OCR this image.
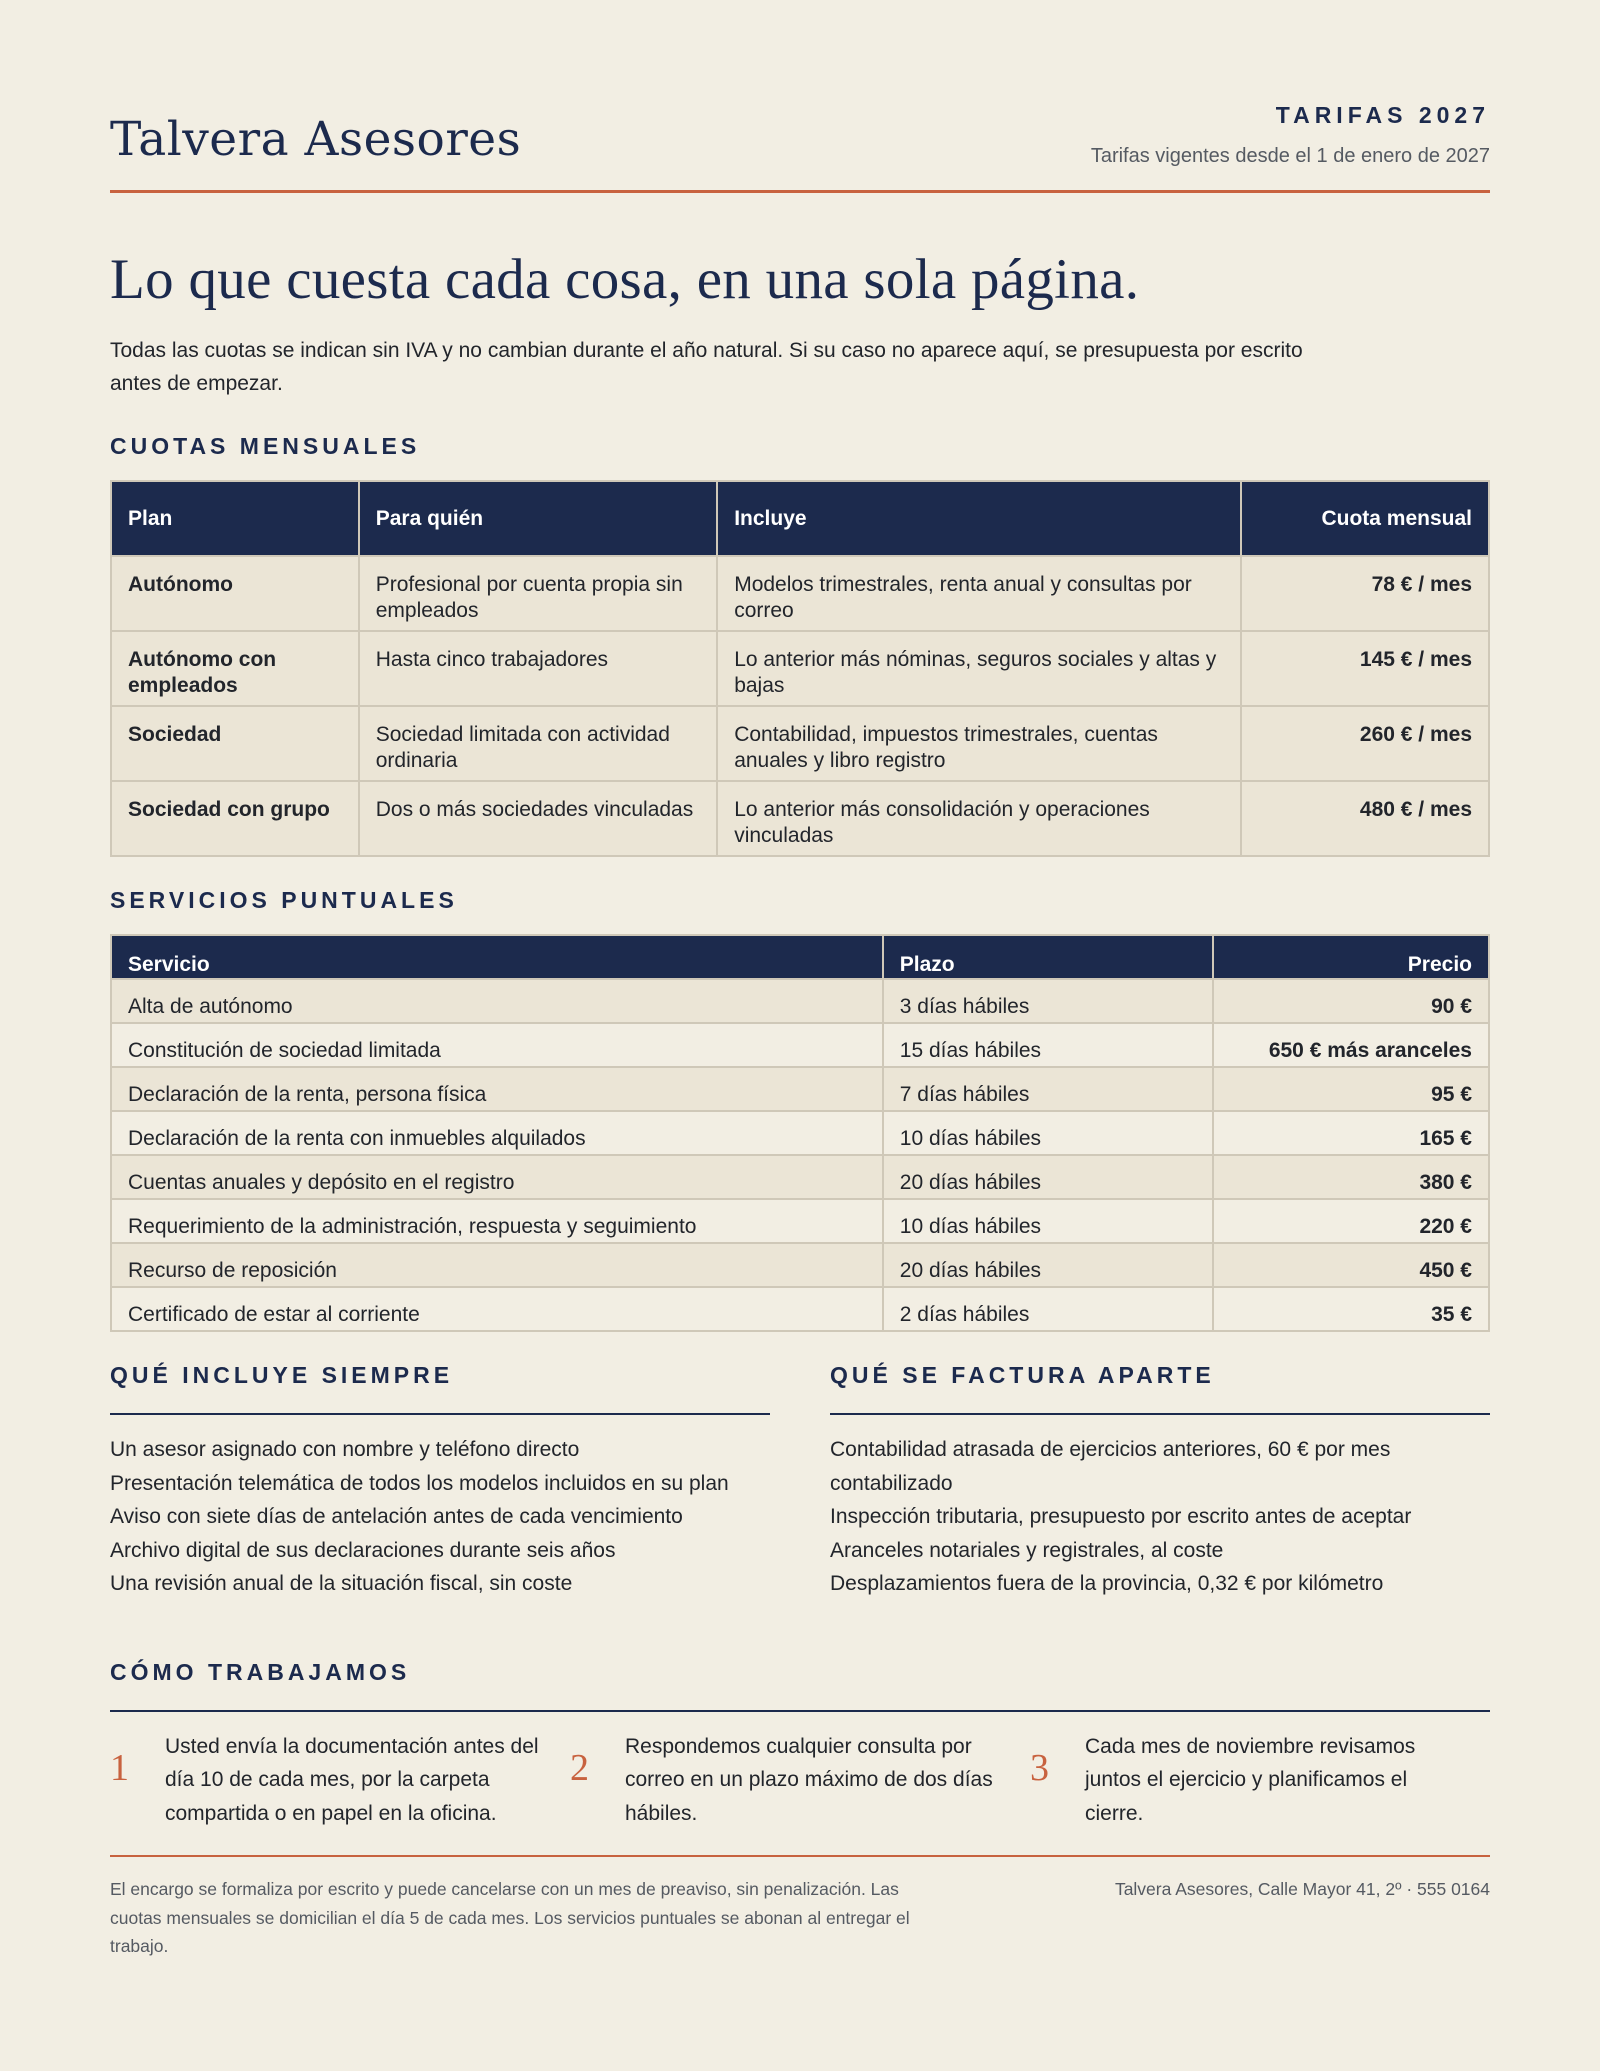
Talvera Asesores	TARIFAS 2027
Tarifas vigentes desde el 1 de enero de 2027
Lo que cuesta cada cosa, en una sola página.
Todas las cuotas se indican sin IVA y no cambian durante el año natural. Si su caso no aparece aquí, se presupuesta por escrito antes de empezar.
CUOTAS MENSUALES
Plan	Para quién	Incluye	Cuota mensual
Autónomo	Profesional por cuenta propia sin empleados	Modelos trimestrales, renta anual y consultas por correo	78 € / mes
Autónomo con empleados	Hasta cinco trabajadores	Lo anterior más nóminas, seguros sociales y altas y bajas	145 € / mes
Sociedad	Sociedad limitada con actividad ordinaria	Contabilidad, impuestos trimestrales, cuentas anuales y libro registro	260 € / mes
Sociedad con grupo	Dos o más sociedades vinculadas	Lo anterior más consolidación y operaciones vinculadas	480 € / mes
SERVICIOS PUNTUALES
Servicio	Plazo	Precio
Alta de autónomo	3 días hábiles	90 €
Constitución de sociedad limitada	15 días hábiles	650 € más aranceles
Declaración de la renta, persona física	7 días hábiles	95 €
Declaración de la renta con inmuebles alquilados	10 días hábiles	165 €
Cuentas anuales y depósito en el registro	20 días hábiles	380 €
Requerimiento de la administración, respuesta y seguimiento	10 días hábiles	220 €
Recurso de reposición	20 días hábiles	450 €
Certificado de estar al corriente	2 días hábiles	35 €
QUÉ INCLUYE SIEMPRE
Un asesor asignado con nombre y teléfono directo
Presentación telemática de todos los modelos incluidos en su plan
Aviso con siete días de antelación antes de cada vencimiento
Archivo digital de sus declaraciones durante seis años
Una revisión anual de la situación fiscal, sin coste
QUÉ SE FACTURA APARTE
Contabilidad atrasada de ejercicios anteriores, 60 € por mes contabilizado
Inspección tributaria, presupuesto por escrito antes de aceptar
Aranceles notariales y registrales, al coste
Desplazamientos fuera de la provincia, 0,32 € por kilómetro
CÓMO TRABAJAMOS
1
Usted envía la documentación antes del día 10 de cada mes, por la carpeta compartida o en papel en la oficina.
2
Respondemos cualquier consulta por correo en un plazo máximo de dos días hábiles.
3
Cada mes de noviembre revisamos juntos el ejercicio y planificamos el cierre.
El encargo se formaliza por escrito y puede cancelarse con un mes de preaviso, sin penalización. Las cuotas mensuales se domicilian el día 5 de cada mes. Los servicios puntuales se abonan al entregar el trabajo.
Talvera Asesores, Calle Mayor 41, 2º · 555 0164
